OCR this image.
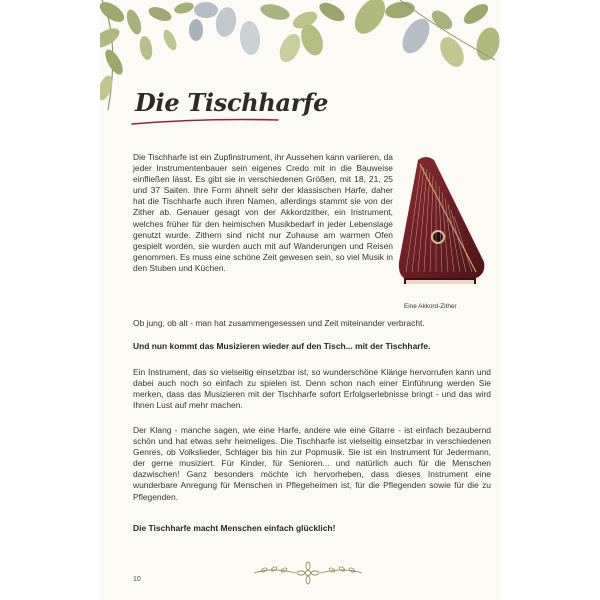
Die Tischharfe
Die Tischharfe ist ein Zupfinstrument, ihr Aussehen kann variieren, da jeder Instrumentenbauer sein eigenes Credo mit in die Bauweise einfließen lässt. Es gibt sie in verschiedenen Größen, mit 18, 21, 25 und 37 Saiten. Ihre Form ähnelt sehr der klassischen Harfe, daher hat die Tischharfe auch ihren Namen, allerdings stammt sie von der Zither ab. Genauer gesagt von der Akkordzither, ein Instrument, welches früher für den heimischen Musikbedarf in jeder Lebenslage genutzt wurde. Zithern sind nicht nur Zuhause am warmen Ofen gespielt worden, sie wurden auch mit auf Wanderungen und Reisen genommen. Es muss eine schöne Zeit gewesen sein, so viel Musik in den Stuben und Küchen.
Eine Akkord-Zither
Ob jung, ob alt - man hat zusammengesessen und Zeit miteinander verbracht.
Und nun kommt das Musizieren wieder auf den Tisch... mit der Tischharfe.
Ein Instrument, das so vielseitig einsetzbar ist, so wunderschöne Klänge hervorrufen kann und dabei auch noch so einfach zu spielen ist. Denn schon nach einer Einführung werden Sie merken, dass das Musizieren mit der Tischharfe sofort Erfolgserlebnisse bringt - und das wird Ihnen Lust auf mehr machen.
Der Klang - manche sagen, wie eine Harfe, andere wie eine Gitarre - ist einfach bezaubernd schön und hat etwas sehr heimeliges. Die Tischharfe ist vielseitig einsetzbar in verschiedenen Genres, ob Volkslieder, Schlager bis hin zur Popmusik. Sie ist ein Instrument für Jedermann, der gerne musiziert. Für Kinder, für Senioren... und natürlich auch für die Menschen dazwischen! Ganz besonders möchte ich hervorheben, dass dieses Instrument eine wunderbare Anregung für Menschen in Pflegeheimen ist, für die Pflegenden sowie für die zu Pflegenden.
Die Tischharfe macht Menschen einfach glücklich!
10
